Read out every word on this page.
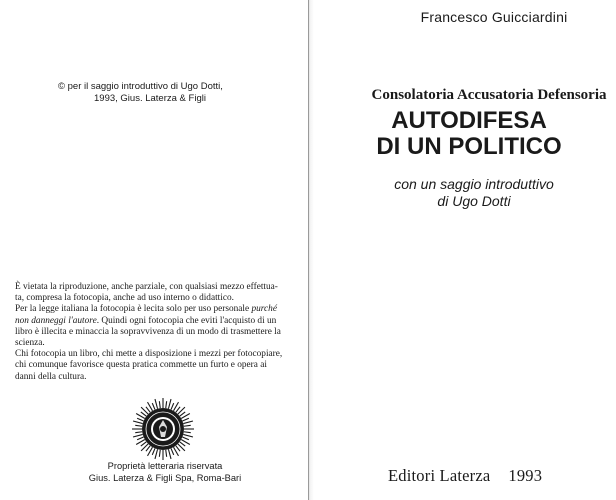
© per il saggio introduttivo di Ugo Dotti,
1993, Gius. Laterza & Figli

È vietata la riproduzione, anche parziale, con qualsiasi mezzo effettua-

ta, compresa la fotocopia, anche ad uso interno o didattico.

Per la legge italiana la fotocopia è lecita solo per uso personale purché

non danneggi l'autore. Quindi ogni fotocopia che eviti l'acquisto di un

libro è illecita e minaccia la sopravvivenza di un modo di trasmettere la

scienza.

Chi fotocopia un libro, chi mette a disposizione i mezzi per fotocopiare,

chi comunque favorisce questa pratica commette un furto e opera ai

danni della cultura.

Proprietà letteraria riservata
Gius. Laterza & Figli Spa, Roma-Bari
Francesco Guicciardini
Consolatoria Accusatoria Defensoria
AUTODIFESA
DI UN POLITICO
con un saggio introduttivo
di Ugo Dotti
Editori Laterza 1993
